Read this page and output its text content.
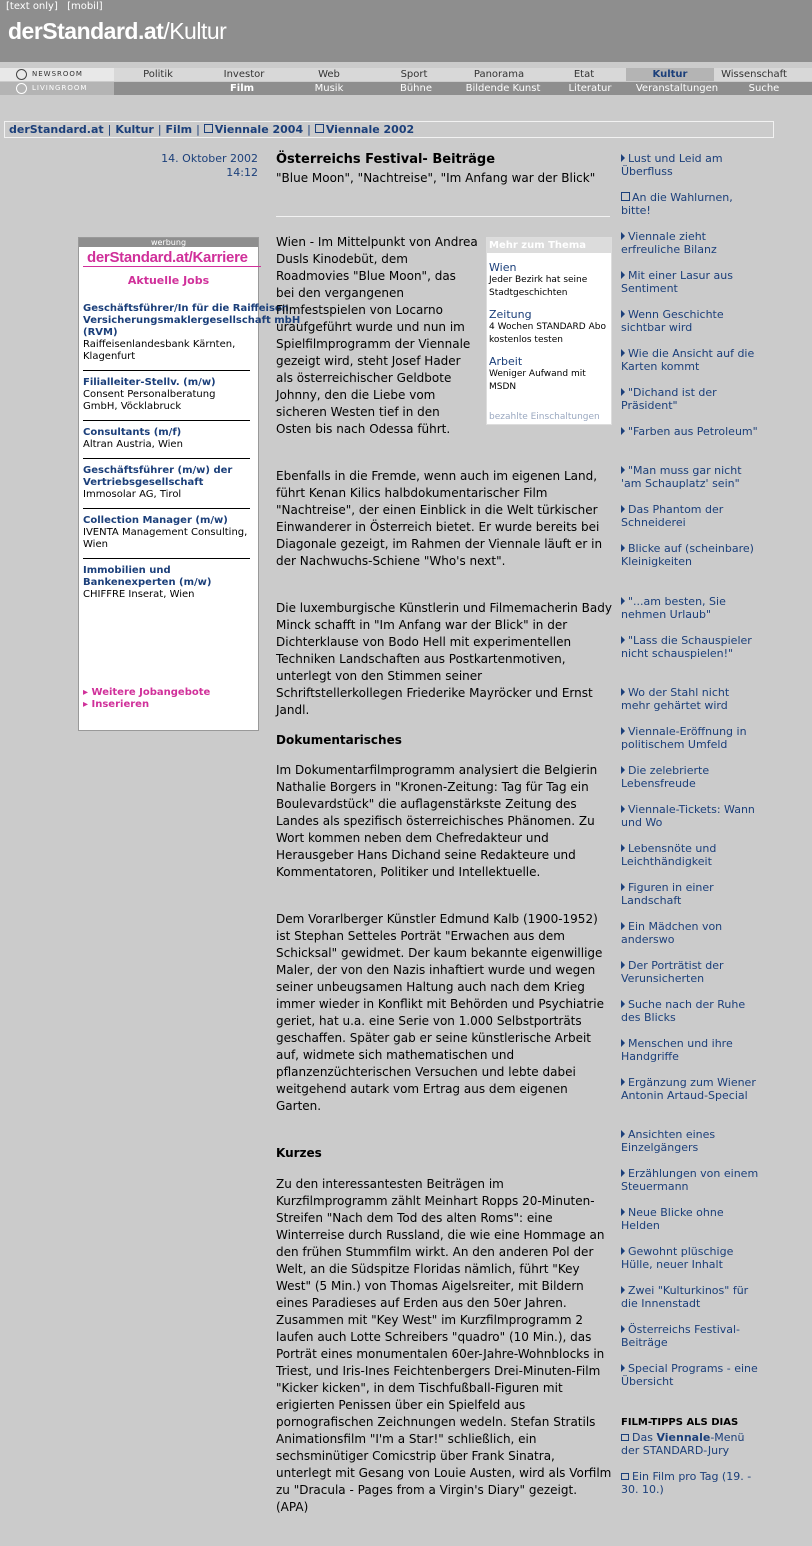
[text only] [mobil]
derStandard.at/Kultur
NEWSROOM	Politik	Investor	Web	Sport	Panorama	Etat	Kultur	Wissenschaft
LIVINGROOM	Film	Musik	Bühne	Bildende Kunst	Literatur	Veranstaltungen	Suche
derStandard.at | Kultur | Film | Viennale 2004 | Viennale 2002
14. Oktober 2002
14:12
werbung
derStandard.at/Karriere
Aktuelle Jobs
Geschäftsführer/In für die Raiffeisen Versicherungsmaklergesellschaft mbH (RVM)
Raiffeisenlandesbank Kärnten, Klagenfurt
Filialleiter-Stellv. (m/w)
Consent Personalberatung GmbH, Vöcklabruck
Consultants (m/f)
Altran Austria, Wien
Geschäftsführer (m/w) der Vertriebsgesellschaft
Immosolar AG, Tirol
Collection Manager (m/w)
IVENTA Management Consulting, Wien
Immobilien und Bankenexperten (m/w)
CHIFFRE Inserat, Wien
▸ Weitere Jobangebote
▸ Inserieren
Österreichs Festival- Beiträge
"Blue Moon", "Nachtreise", "Im Anfang war der Blick"
Wien - Im Mittelpunkt von Andrea Dusls Kinodebüt, dem Roadmovies "Blue Moon", das bei den vergangenen Filmfestspielen von Locarno uraufgeführt wurde und nun im Spielfilmprogramm der Viennale gezeigt wird, steht Josef Hader als österreichischer Geldbote Johnny, den die Liebe vom sicheren Westen tief in den Osten bis nach Odessa führt.
Mehr zum Thema
Wien
Jeder Bezirk hat seine Stadtgeschichten
Zeitung
4 Wochen STANDARD Abo kostenlos testen
Arbeit
Weniger Aufwand mit MSDN
bezahlte Einschaltungen
Ebenfalls in die Fremde, wenn auch im eigenen Land, führt Kenan Kilics halbdokumentarischer Film "Nachtreise", der einen Einblick in die Welt türkischer Einwanderer in Österreich bietet. Er wurde bereits bei Diagonale gezeigt, im Rahmen der Viennale läuft er in der Nachwuchs-Schiene "Who's next".
Die luxemburgische Künstlerin und Filmemacherin Bady Minck schafft in "Im Anfang war der Blick" in der Dichterklause von Bodo Hell mit experimentellen Techniken Landschaften aus Postkartenmotiven, unterlegt von den Stimmen seiner Schriftstellerkollegen Friederike Mayröcker und Ernst Jandl.
Dokumentarisches
Im Dokumentarfilmprogramm analysiert die Belgierin Nathalie Borgers in "Kronen-Zeitung: Tag für Tag ein Boulevardstück" die auflagenstärkste Zeitung des Landes als spezifisch österreichisches Phänomen. Zu Wort kommen neben dem Chefredakteur und Herausgeber Hans Dichand seine Redakteure und Kommentatoren, Politiker und Intellektuelle.
Dem Vorarlberger Künstler Edmund Kalb (1900-1952) ist Stephan Setteles Porträt "Erwachen aus dem Schicksal" gewidmet. Der kaum bekannte eigenwillige Maler, der von den Nazis inhaftiert wurde und wegen seiner unbeugsamen Haltung auch nach dem Krieg immer wieder in Konflikt mit Behörden und Psychiatrie geriet, hat u.a. eine Serie von 1.000 Selbstporträts geschaffen. Später gab er seine künstlerische Arbeit auf, widmete sich mathematischen und pflanzenzüchterischen Versuchen und lebte dabei weitgehend autark vom Ertrag aus dem eigenen Garten.
Kurzes
Zu den interessantesten Beiträgen im Kurzfilmprogramm zählt Meinhart Ropps 20-Minuten-Streifen "Nach dem Tod des alten Roms": eine Winterreise durch Russland, die wie eine Hommage an den frühen Stummfilm wirkt. An den anderen Pol der Welt, an die Südspitze Floridas nämlich, führt "Key West" (5 Min.) von Thomas Aigelsreiter, mit Bildern eines Paradieses auf Erden aus den 50er Jahren. Zusammen mit "Key West" im Kurzfilmprogramm 2 laufen auch Lotte Schreibers "quadro" (10 Min.), das Porträt eines monumentalen 60er-Jahre-Wohnblocks in Triest, und Iris-Ines Feichtenbergers Drei-Minuten-Film "Kicker kicken", in dem Tischfußball-Figuren mit erigierten Penissen über ein Spielfeld aus pornografischen Zeichnungen wedeln. Stefan Stratils Animationsfilm "I'm a Star!" schließlich, ein sechsminütiger Comicstrip über Frank Sinatra, unterlegt mit Gesang von Louie Austen, wird als Vorfilm zu "Dracula - Pages from a Virgin's Diary" gezeigt. (APA)
Lust und Leid am Überfluss
An die Wahlurnen, bitte!
Viennale zieht erfreuliche Bilanz
Mit einer Lasur aus Sentiment
Wenn Geschichte sichtbar wird
Wie die Ansicht auf die Karten kommt
"Dichand ist der Präsident"
"Farben aus Petroleum"
"Man muss gar nicht 'am Schauplatz' sein"
Das Phantom der Schneiderei
Blicke auf (scheinbare) Kleinigkeiten
"...am besten, Sie nehmen Urlaub"
"Lass die Schauspieler nicht schauspielen!"
Wo der Stahl nicht mehr gehärtet wird
Viennale-Eröffnung in politischem Umfeld
Die zelebrierte Lebensfreude
Viennale-Tickets: Wann und Wo
Lebensnöte und Leichthändigkeit
Figuren in einer Landschaft
Ein Mädchen von anderswo
Der Porträtist der Verunsicherten
Suche nach der Ruhe des Blicks
Menschen und ihre Handgriffe
Ergänzung zum Wiener Antonin Artaud-Special
Ansichten eines Einzelgängers
Erzählungen von einem Steuermann
Neue Blicke ohne Helden
Gewohnt plüschige Hülle, neuer Inhalt
Zwei "Kulturkinos" für die Innenstadt
Österreichs Festival-Beiträge
Special Programs - eine Übersicht
FILM-TIPPS ALS DIAS
Das Viennale-Menü der STANDARD-Jury
Ein Film pro Tag (19. - 30. 10.)
